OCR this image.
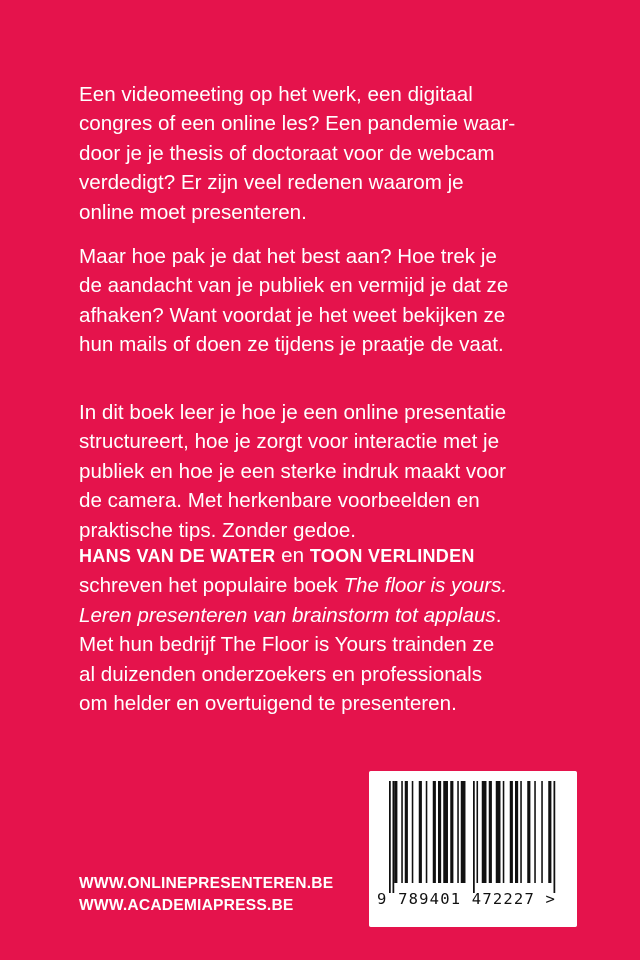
Een videomeeting op het werk, een digitaal
congres of een online les? Een pandemie waar-
door je je thesis of doctoraat voor de webcam
verdedigt? Er zijn veel redenen waarom je
online moet presenteren.

Maar hoe pak je dat het best aan? Hoe trek je
de aandacht van je publiek en vermijd je dat ze
afhaken? Want voordat je het weet bekijken ze
hun mails of doen ze tijdens je praatje de vaat.

In dit boek leer je hoe je een online presentatie
structureert, hoe je zorgt voor interactie met je
publiek en hoe je een sterke indruk maakt voor
de camera. Met herkenbare voorbeelden en
praktische tips. Zonder gedoe.

HANS VAN DE WATER en TOON VERLINDEN
schreven het populaire boek The floor is yours.
Leren presenteren van brainstorm tot applaus.
Met hun bedrijf The Floor is Yours trainden ze
al duizenden onderzoekers en professionals
om helder en overtuigend te presenteren.
WWW.ONLINEPRESENTEREN.BE
WWW.ACADEMIAPRESS.BE	9 789401 472227 >
